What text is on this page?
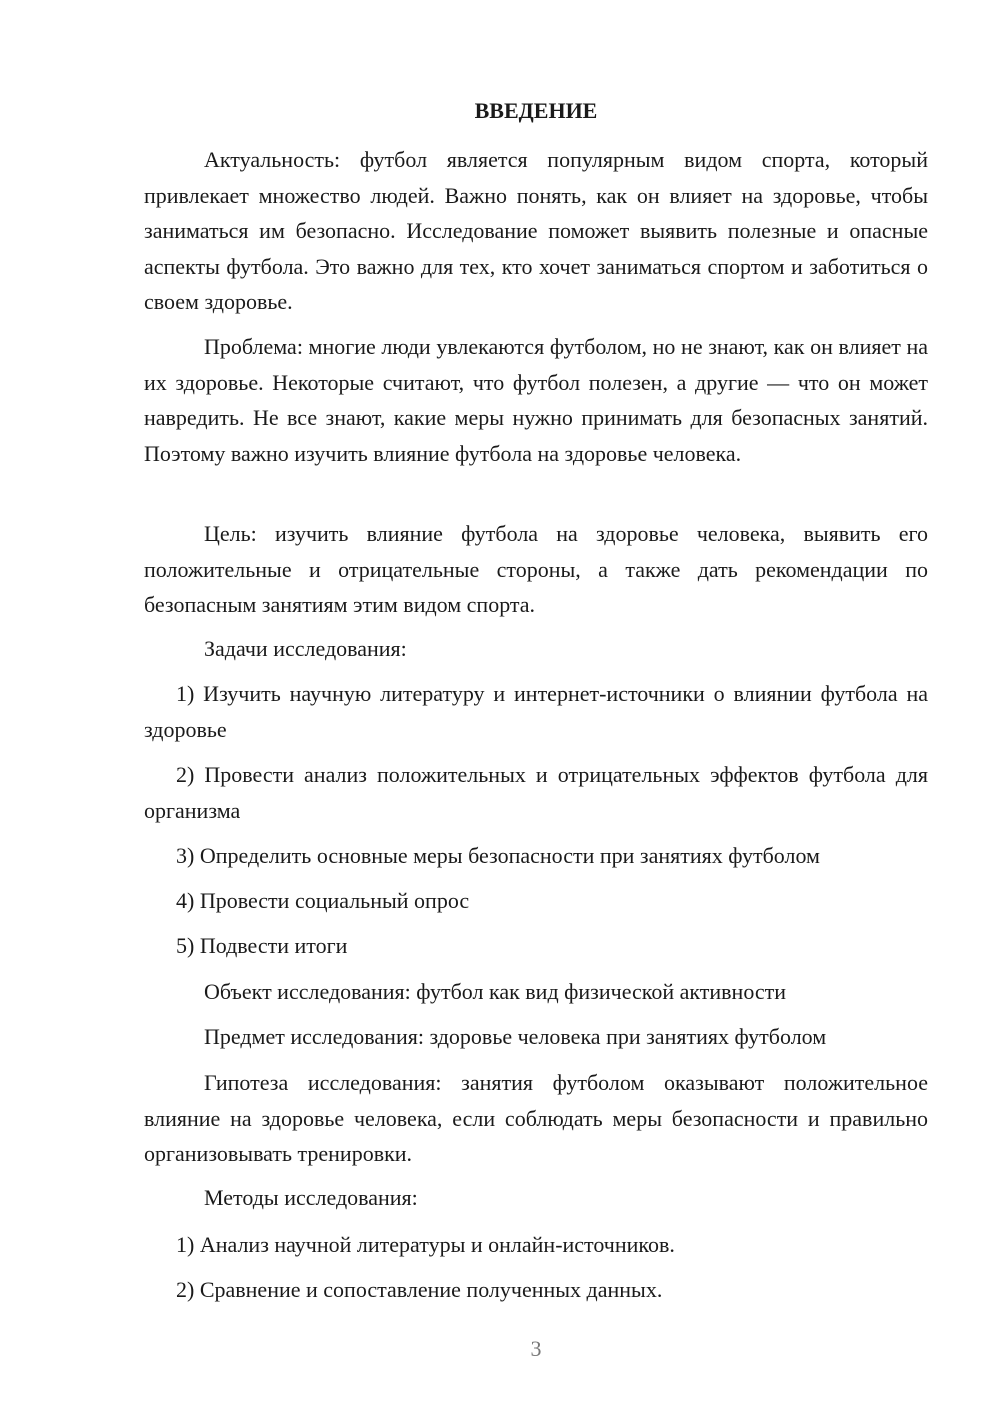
ВВЕДЕНИЕ

Актуальность: футбол является популярным видом спорта, который привлекает множество людей. Важно понять, как он влияет на здоровье, чтобы заниматься им безопасно. Исследование поможет выявить полезные и опасные аспекты футбола. Это важно для тех, кто хочет заниматься спортом и заботиться о своем здоровье.

Проблема: многие люди увлекаются футболом, но не знают, как он влияет на их здоровье. Некоторые считают, что футбол полезен, а другие — что он может навредить. Не все знают, какие меры нужно принимать для безопасных занятий. Поэтому важно изучить влияние футбола на здоровье человека.

Цель: изучить влияние футбола на здоровье человека, выявить его положительные и отрицательные стороны, а также дать рекомендации по безопасным занятиям этим видом спорта.

Задачи исследования:

1) Изучить научную литературу и интернет-источники о влиянии футбола на здоровье

2) Провести анализ положительных и отрицательных эффектов футбола для организма

3) Определить основные меры безопасности при занятиях футболом

4) Провести социальный опрос

5) Подвести итоги

Объект исследования: футбол как вид физической активности

Предмет исследования: здоровье человека при занятиях футболом

Гипотеза исследования: занятия футболом оказывают положительное влияние на здоровье человека, если соблюдать меры безопасности и правильно организовывать тренировки.

Методы исследования:

1) Анализ научной литературы и онлайн-источников.

2) Сравнение и сопоставление полученных данных.

3
